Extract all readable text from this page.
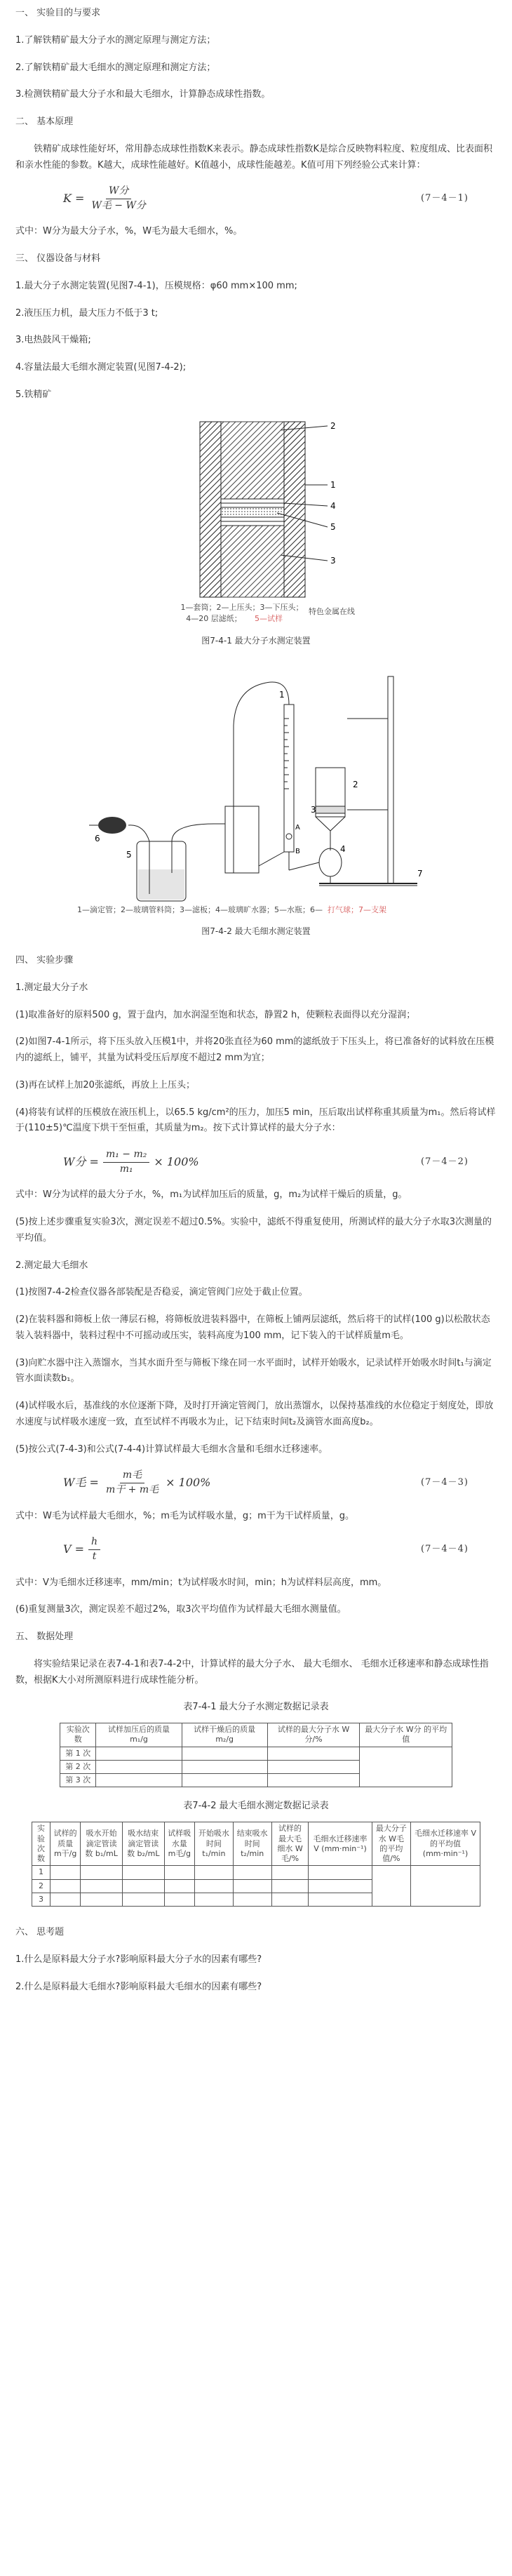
一、 实验目的与要求

1.了解铁精矿最大分子水的测定原理与测定方法；

2.了解铁精矿最大毛细水的测定原理和测定方法；

3.检测铁精矿最大分子水和最大毛细水，计算静态成球性指数。

二、 基本原理

铁精矿成球性能好坏，常用静态成球性指数K来表示。静态成球性指数K是综合反映物料粒度、粒度组成、比表面积和亲水性能的参数。K越大，成球性能越好。K值越小，成球性能越差。K值可用下列经验公式来计算：

$K = \frac{\text{W分}}{\text{W毛 − W分}}$	(7－4－1)

式中：W分为最大分子水，%，W毛为最大毛细水，%。

三、 仪器设备与材料

1.最大分子水测定装置(见图7-4-1)，压模规格：φ60 mm×100 mm;

2.液压压力机，最大压力不低于3 t;

3.电热鼓风干燥箱;

4.容量法最大毛细水测定装置(见图7-4-2);

5.铁精矿

2
1
4
5
3
1—套筒；2—上压头；3—下压头；
4—20 层滤纸； 5—试样
特色金属在线
图7-4-1 最大分子水测定装置
1
2
3
4
5
6
7
A
B
1—滴定管；2—玻璃管料筒；3—滤板；4—玻璃旷水器；5—水瓶；6— 打气球；7—支架
图7-4-2 最大毛细水测定装置

四、 实验步骤

1.测定最大分子水

(1)取准备好的原料500 g，置于盘内，加水润湿至饱和状态，静置2 h，使颗粒表面得以充分湿润；

(2)如图7-4-1所示，将下压头放入压模1中，并将20张直径为60 mm的滤纸放于下压头上，将已准备好的试料放在压模内的滤纸上，铺平，其量为试料受压后厚度不超过2 mm为宜；

(3)再在试样上加20张滤纸，再放上上压头；

(4)将装有试样的压模放在液压机上，以65.5 kg/cm²的压力，加压5 min，压后取出试样称重其质量为m₁。然后将试样于(110±5)℃温度下烘干至恒重，其质量为m₂。按下式计算试样的最大分子水：

W分 = $\frac{\text{m₁ − m₂}}{\text{m₁}} \times 100\%$	(7－4－2)

式中：W分为试样的最大分子水，%，m₁为试样加压后的质量，g，m₂为试样干燥后的质量，g。

(5)按上述步骤重复实验3次，测定误差不超过0.5%。实验中，滤纸不得重复使用，所测试样的最大分子水取3次测量的平均值。

2.测定最大毛细水

(1)按图7-4-2检查仪器各部装配是否稳妥，滴定管阀门应处于截止位置。

(2)在装料器和筛板上依一薄层石棉，将筛板放进装料器中，在筛板上铺两层滤纸，然后将干的试样(100 g)以松散状态装入装料器中，装料过程中不可摇动或压实，装料高度为100 mm，记下装入的干试样质量m毛。

(3)向贮水器中注入蒸馏水，当其水面升至与筛板下缘在同一水平面时，试样开始吸水，记录试样开始吸水时间t₁与滴定管水面读数b₁。

(4)试样吸水后，基准线的水位逐渐下降，及时打开滴定管阀门，放出蒸馏水，以保持基准线的水位稳定于刻度处，即放水速度与试样吸水速度一致，直至试样不再吸水为止，记下结束时间t₂及滴管水面高度b₂。

(5)按公式(7-4-3)和公式(7-4-4)计算试样最大毛细水含量和毛细水迁移速率。

W毛 = $\frac{\text{m毛}}{\text{m干 + m毛}} \times 100\%$	(7－4－3)

式中：W毛为试样最大毛细水，%；m毛为试样吸水量，g；m干为干试样质量，g。

$V = \frac{h}{t}$	(7－4－4)

式中：V为毛细水迁移速率，mm/min；t为试样吸水时间，min；h为试样料层高度，mm。

(6)重复测量3次，测定误差不超过2%，取3次平均值作为试样最大毛细水测量值。

五、 数据处理

将实验结果记录在表7-4-1和表7-4-2中，计算试样的最大分子水、 最大毛细水、 毛细水迁移速率和静态成球性指数，根据K大小对所测原料进行成球性能分析。

表7-4-1 最大分子水测定数据记录表
实验次数	试样加压后的质量 m₁/g	试样干燥后的质量 m₂/g	试样的最大分子水 W分/%	最大分子水 W分 的平均值
第 1 次				
第 2 次				
第 3 次				
表7-4-2 最大毛细水测定数据记录表
实验次数	试样的质量 m干/g	吸水开始滴定管读数 b₁/mL	吸水结束滴定管读数 b₂/mL	试样吸水量 m毛/g	开始吸水时间 t₁/min	结束吸水时间 t₂/min	试样的最大毛细水 W毛/%	毛细水迁移速率 V (mm·min⁻¹)	最大分子水 W毛 的平均值/%	毛细水迁移速率 V 的平均值 (mm·min⁻¹)
1										
2										
3										

六、 思考题

1.什么是原料最大分子水?影响原料最大分子水的因素有哪些?

2.什么是原料最大毛细水?影响原料最大毛细水的因素有哪些?
